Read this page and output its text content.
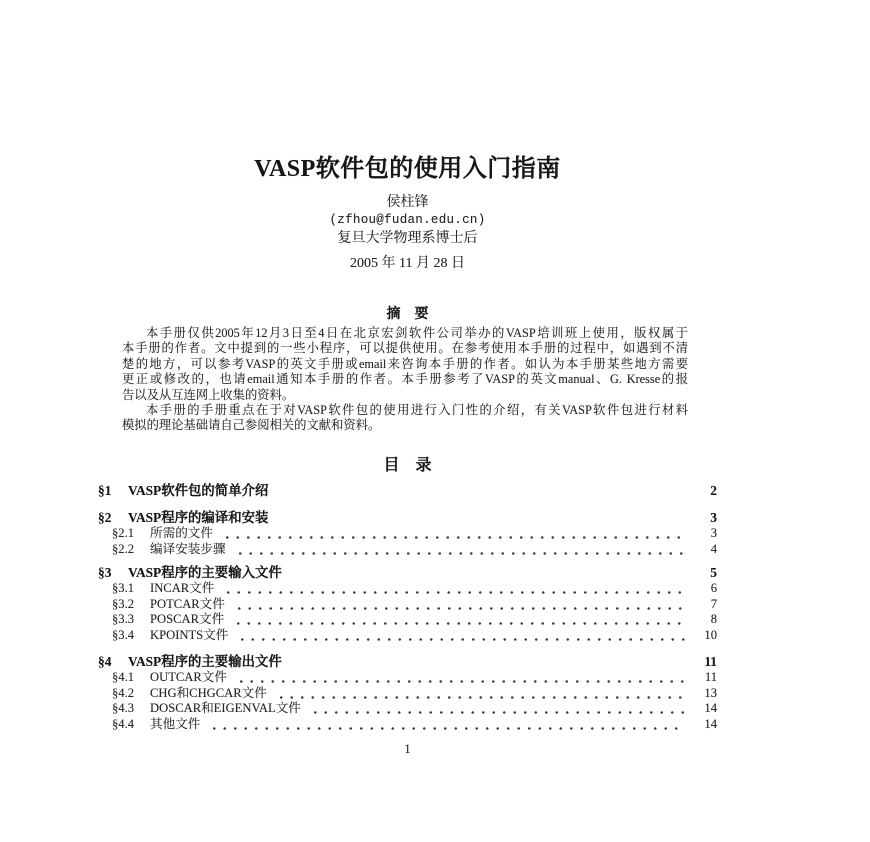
VASP软件包的使用入门指南
侯柱锋
(zfhou@fudan.edu.cn)
复旦大学物理系博士后
2005 年 11 月 28 日
摘　要
本手册仅供2005年12月3日至4日在北京宏剑软件公司举办的VASP培训班上使用，版权属于
本手册的作者。文中提到的一些小程序，可以提供使用。在参考使用本手册的过程中，如遇到不清
楚的地方，可以参考VASP的英文手册或email来咨询本手册的作者。如认为本手册某些地方需要
更正或修改的，也请email通知本手册的作者。本手册参考了VASP的英文manual、G. Kresse的报
告以及从互连网上收集的资料。
本手册的手册重点在于对VASP软件包的使用进行入门性的介绍，有关VASP软件包进行材料
模拟的理论基础请自己参阅相关的文献和资料。
目　录
§1	VASP软件包的简单介绍	2
§2	VASP程序的编译和安装	3
§2.1	所需的文件	3
§2.2	编译安装步骤	4
§3	VASP程序的主要输入文件	5
§3.1	INCAR文件	6
§3.2	POTCAR文件	7
§3.3	POSCAR文件	8
§3.4	KPOINTS文件	10
§4	VASP程序的主要输出文件	11
§4.1	OUTCAR文件	11
§4.2	CHG和CHGCAR文件	13
§4.3	DOSCAR和EIGENVAL文件	14
§4.4	其他文件	14
1
